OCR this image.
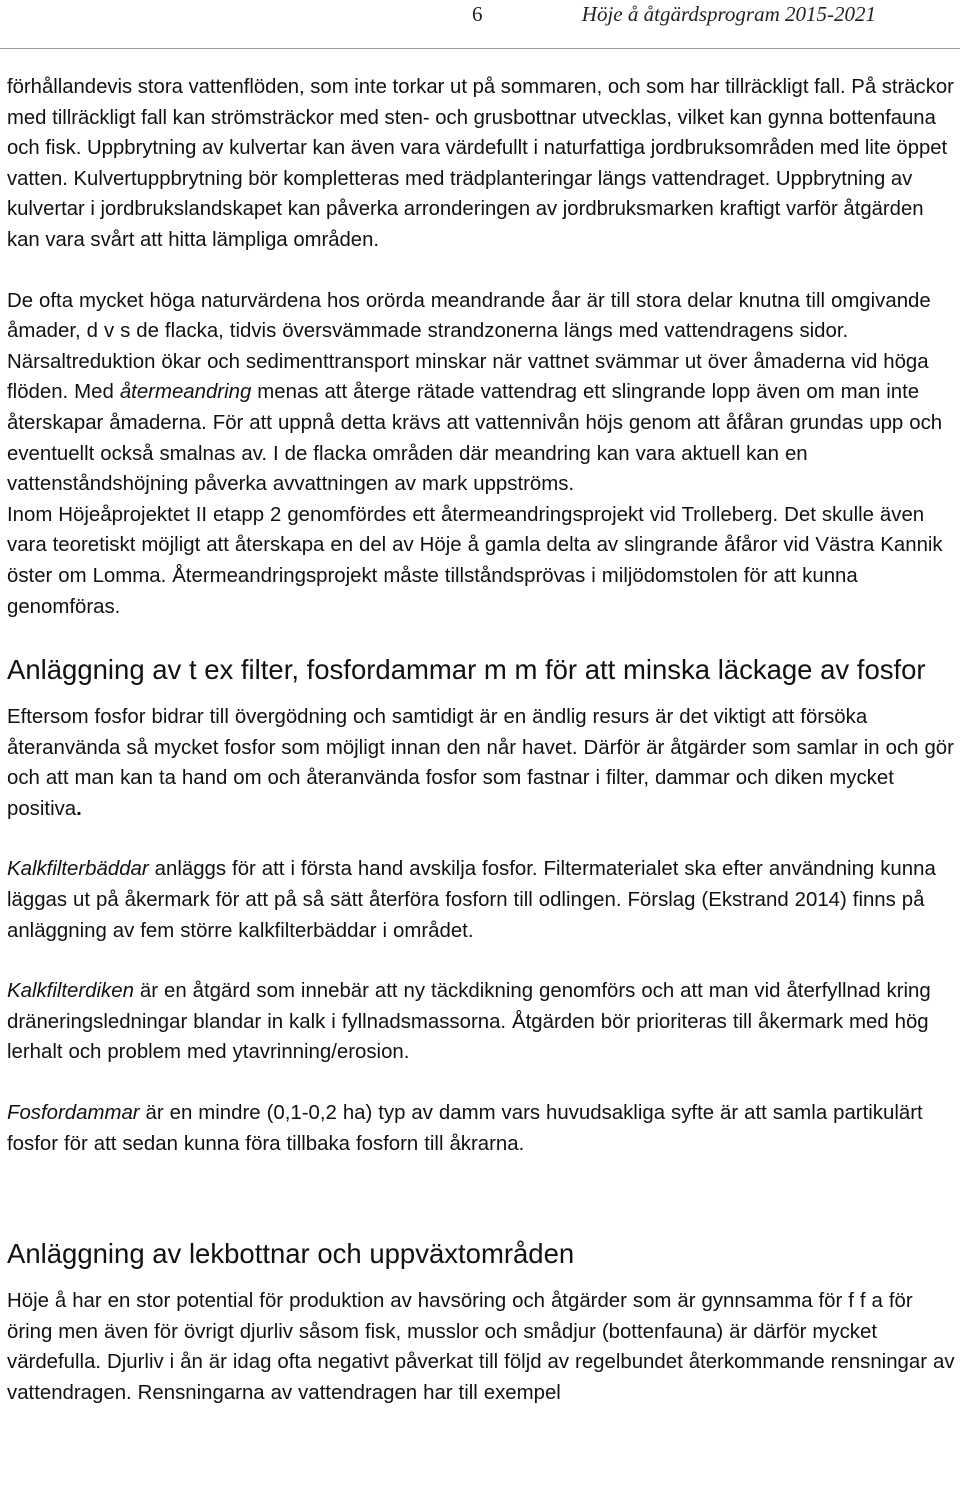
6	Höje å åtgärdsprogram 2015-2021

förhållandevis stora vattenflöden, som inte torkar ut på sommaren, och som har tillräckligt fall. På sträckor med tillräckligt fall kan strömsträckor med sten- och grusbottnar utvecklas, vilket kan gynna bottenfauna och fisk. Uppbrytning av kulvertar kan även vara värdefullt i naturfattiga jordbruksområden med lite öppet vatten. Kulvertuppbrytning bör kompletteras med trädplanteringar längs vattendraget. Uppbrytning av kulvertar i jordbrukslandskapet kan påverka arronderingen av jordbruksmarken kraftigt varför åtgärden kan vara svårt att hitta lämpliga områden.

De ofta mycket höga naturvärdena hos orörda meandrande åar är till stora delar knutna till omgivande åmader, d v s de flacka, tidvis översvämmade strandzonerna längs med vattendragens sidor. Närsaltreduktion ökar och sedimenttransport minskar när vattnet svämmar ut över åmaderna vid höga flöden. Med återmeandring menas att återge rätade vattendrag ett slingrande lopp även om man inte återskapar åmaderna. För att uppnå detta krävs att vattennivån höjs genom att åfåran grundas upp och eventuellt också smalnas av. I de flacka områden där meandring kan vara aktuell kan en vattenståndshöjning påverka avvattningen av mark uppströms.

Inom Höjeåprojektet II etapp 2 genomfördes ett återmeandringsprojekt vid Trolleberg. Det skulle även vara teoretiskt möjligt att återskapa en del av Höje å gamla delta av slingrande åfåror vid Västra Kannik öster om Lomma. Återmeandringsprojekt måste tillståndsprövas i miljödomstolen för att kunna genomföras.

Anläggning av t ex filter, fosfordammar m m för att minska läckage av fosfor

Eftersom fosfor bidrar till övergödning och samtidigt är en ändlig resurs är det viktigt att försöka återanvända så mycket fosfor som möjligt innan den når havet. Därför är åtgärder som samlar in och gör och att man kan ta hand om och återanvända fosfor som fastnar i filter, dammar och diken mycket positiva.

Kalkfilterbäddar anläggs för att i första hand avskilja fosfor. Filtermaterialet ska efter användning kunna läggas ut på åkermark för att på så sätt återföra fosforn till odlingen. Förslag (Ekstrand 2014) finns på anläggning av fem större kalkfilterbäddar i området.

Kalkfilterdiken är en åtgärd som innebär att ny täckdikning genomförs och att man vid återfyllnad kring dräneringsledningar blandar in kalk i fyllnadsmassorna. Åtgärden bör prioriteras till åkermark med hög lerhalt och problem med ytavrinning/erosion.

Fosfordammar är en mindre (0,1-0,2 ha) typ av damm vars huvudsakliga syfte är att samla partikulärt fosfor för att sedan kunna föra tillbaka fosforn till åkrarna.

Anläggning av lekbottnar och uppväxtområden

Höje å har en stor potential för produktion av havsöring och åtgärder som är gynnsamma för f f a för öring men även för övrigt djurliv såsom fisk, musslor och smådjur (bottenfauna) är därför mycket värdefulla. Djurliv i ån är idag ofta negativt påverkat till följd av regelbundet återkommande rensningar av vattendragen. Rensningarna av vattendragen har till exempel
